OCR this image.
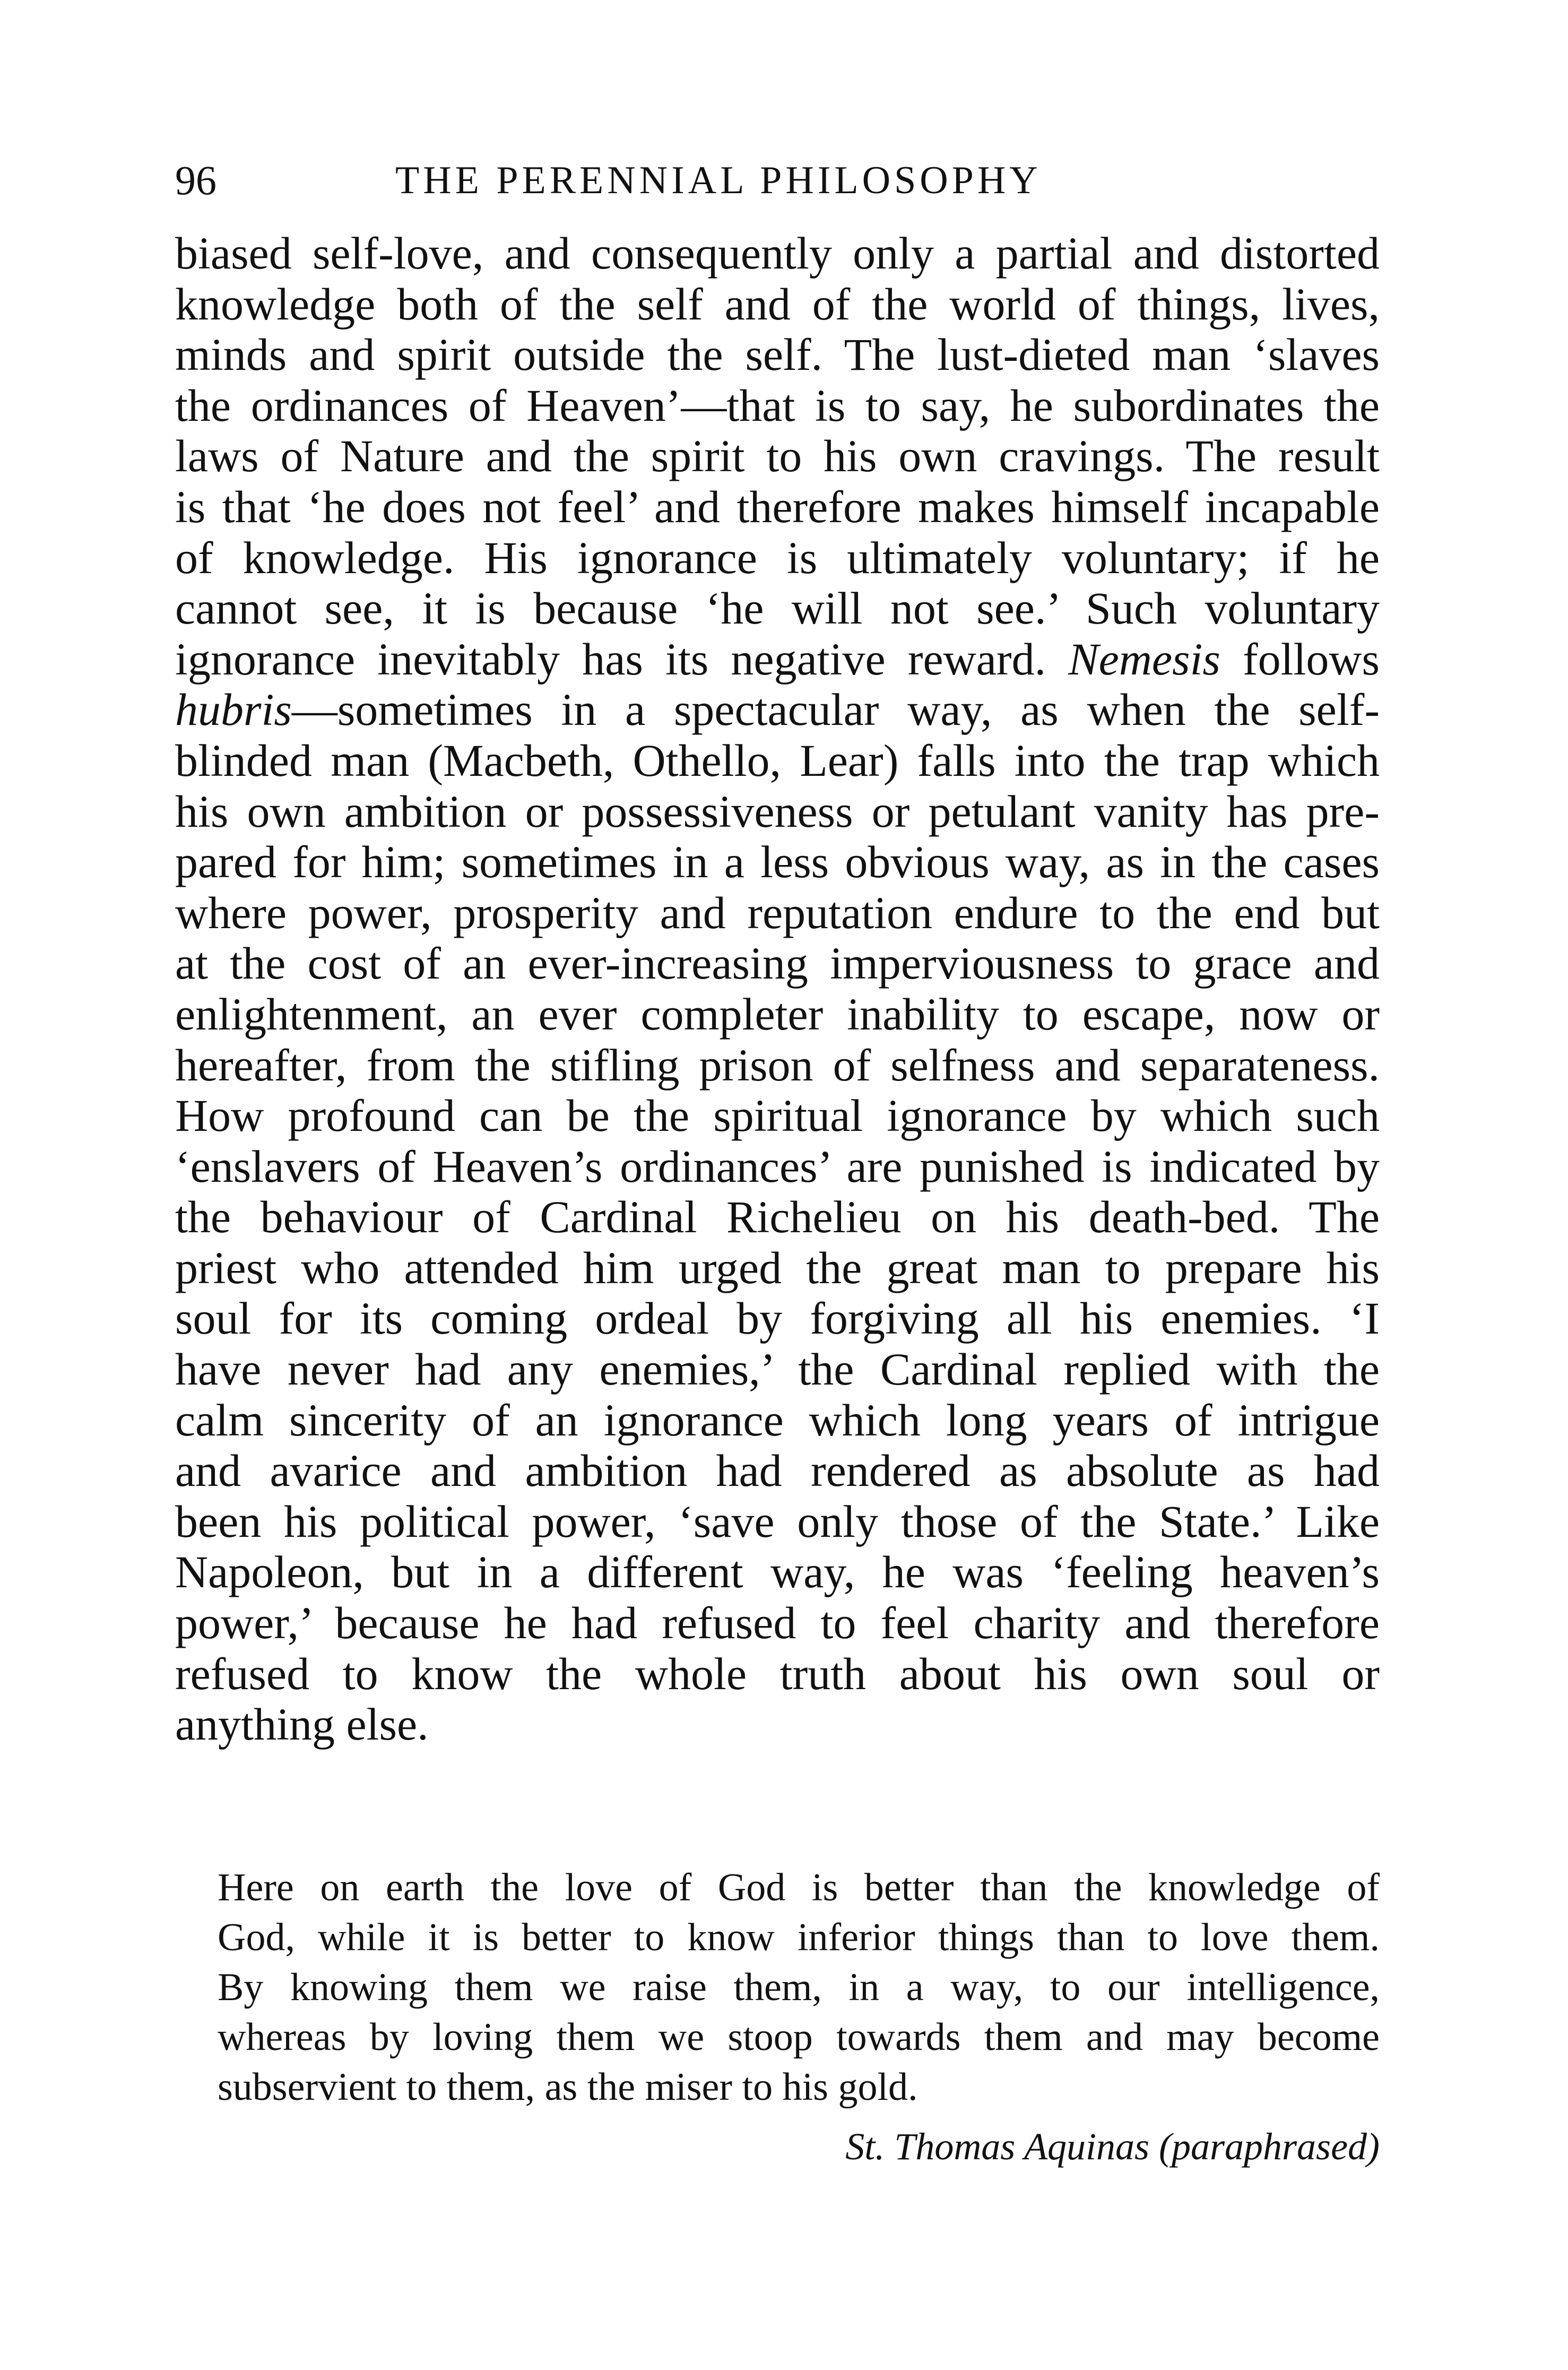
96	THE PERENNIAL PHILOSOPHY
biased self-love, and consequently only a partial and distorted
knowledge both of the self and of the world of things, lives,
minds and spirit outside the self. The lust-dieted man ‘slaves
the ordinances of Heaven’—that is to say, he subordinates the
laws of Nature and the spirit to his own cravings. The result
is that ‘he does not feel’ and therefore makes himself incapable
of knowledge. His ignorance is ultimately voluntary; if he
cannot see, it is because ‘he will not see.’ Such voluntary
ignorance inevitably has its negative reward. Nemesis follows
hubris—sometimes in a spectacular way, as when the self-
blinded man (Macbeth, Othello, Lear) falls into the trap which
his own ambition or possessiveness or petulant vanity has pre-
pared for him; sometimes in a less obvious way, as in the cases
where power, prosperity and reputation endure to the end but
at the cost of an ever-increasing imperviousness to grace and
enlightenment, an ever completer inability to escape, now or
hereafter, from the stifling prison of selfness and separateness.
How profound can be the spiritual ignorance by which such
‘enslavers of Heaven’s ordinances’ are punished is indicated by
the behaviour of Cardinal Richelieu on his death-bed. The
priest who attended him urged the great man to prepare his
soul for its coming ordeal by forgiving all his enemies. ‘I
have never had any enemies,’ the Cardinal replied with the
calm sincerity of an ignorance which long years of intrigue
and avarice and ambition had rendered as absolute as had
been his political power, ‘save only those of the State.’ Like
Napoleon, but in a different way, he was ‘feeling heaven’s
power,’ because he had refused to feel charity and therefore
refused to know the whole truth about his own soul or
anything else.
Here on earth the love of God is better than the knowledge of
God, while it is better to know inferior things than to love them.
By knowing them we raise them, in a way, to our intelligence,
whereas by loving them we stoop towards them and may become
subservient to them, as the miser to his gold.
St. Thomas Aquinas (paraphrased)
